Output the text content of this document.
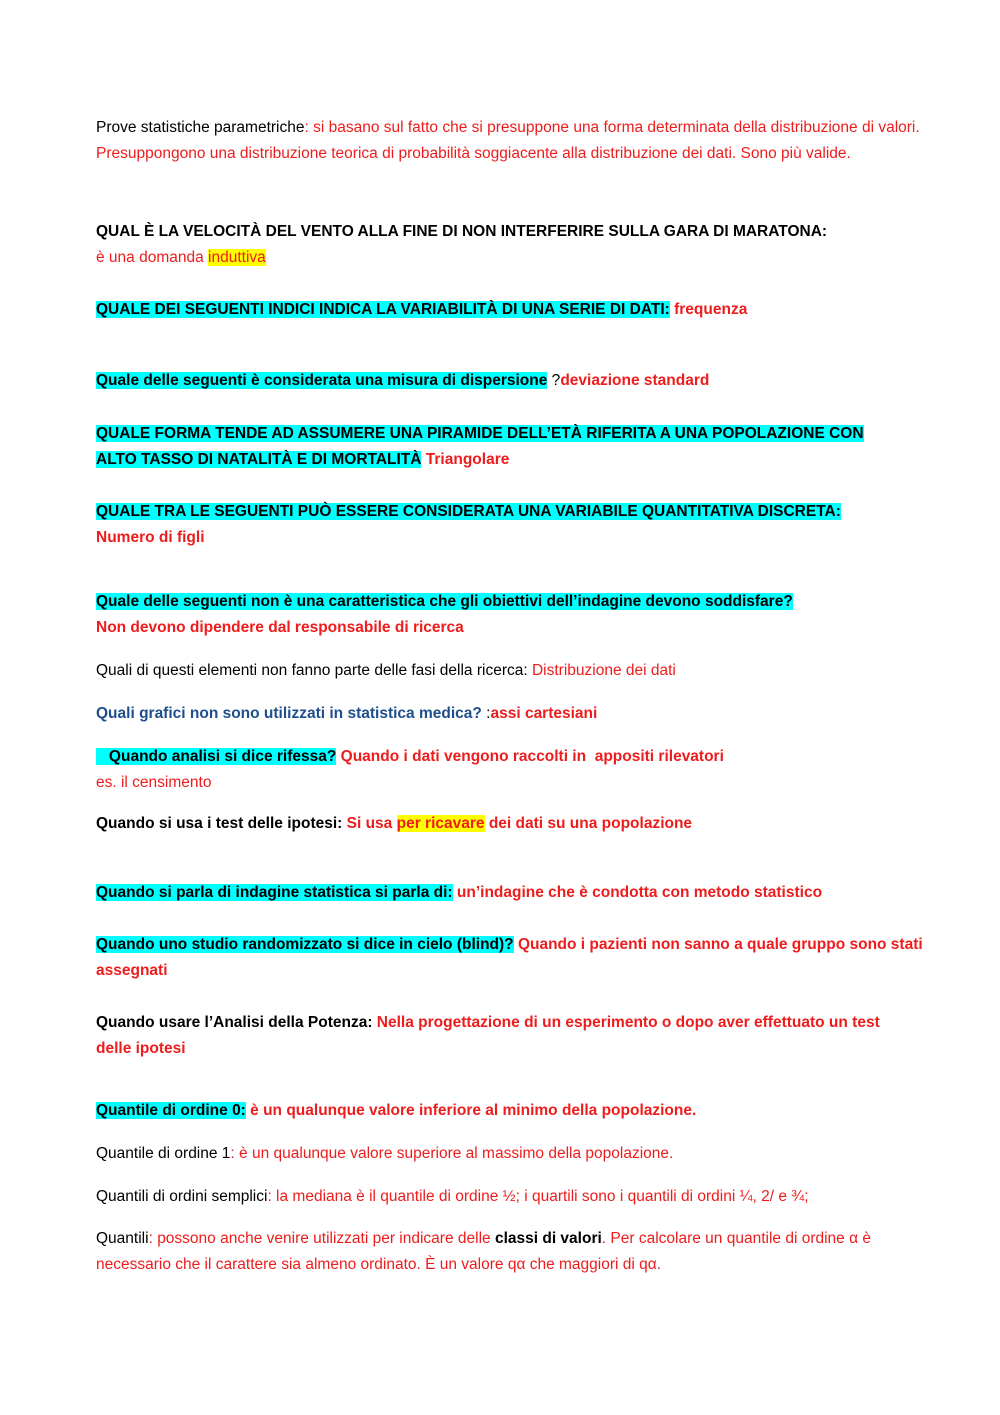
Prove statistiche parametriche: si basano sul fatto che si presuppone una forma determinata della distribuzione di valori. Presuppongono una distribuzione teorica di probabilità soggiacente alla distribuzione dei dati. Sono più valide.

QUAL È LA VELOCITÀ DEL VENTO ALLA FINE DI NON INTERFERIRE SULLA GARA DI MARATONA:
è una domanda induttiva

QUALE DEI SEGUENTI INDICI INDICA LA VARIABILITÀ DI UNA SERIE DI DATI: frequenza

Quale delle seguenti è considerata una misura di dispersione ?deviazione standard

QUALE FORMA TENDE AD ASSUMERE UNA PIRAMIDE DELL’ETÀ RIFERITA A UNA POPOLAZIONE CON ALTO TASSO DI NATALITÀ E DI MORTALITÀ Triangolare

QUALE TRA LE SEGUENTI PUÒ ESSERE CONSIDERATA UNA VARIABILE QUANTITATIVA DISCRETA:
Numero di figli

Quale delle seguenti non è una caratteristica che gli obiettivi dell’indagine devono soddisfare?
Non devono dipendere dal responsabile di ricerca

Quali di questi elementi non fanno parte delle fasi della ricerca: Distribuzione dei dati

Quali grafici non sono utilizzati in statistica medica? :assi cartesiani

Quando analisi si dice rifessa? Quando i dati vengono raccolti in  appositi rilevatori
es. il censimento

Quando si usa i test delle ipotesi: Si usa per ricavare dei dati su una popolazione

Quando si parla di indagine statistica si parla di: un’indagine che è condotta con metodo statistico

Quando uno studio randomizzato si dice in cielo (blind)? Quando i pazienti non sanno a quale gruppo sono stati assegnati

Quando usare l’Analisi della Potenza: Nella progettazione di un esperimento o dopo aver effettuato un test delle ipotesi

Quantile di ordine 0: è un qualunque valore inferiore al minimo della popolazione.

Quantile di ordine 1: è un qualunque valore superiore al massimo della popolazione.

Quantili di ordini semplici: la mediana è il quantile di ordine ½; i quartili sono i quantili di ordini ¼, 2/ e ¾;

Quantili: possono anche venire utilizzati per indicare delle classi di valori. Per calcolare un quantile di ordine α è necessario che il carattere sia almeno ordinato. È un valore qα che maggiori di qα.
